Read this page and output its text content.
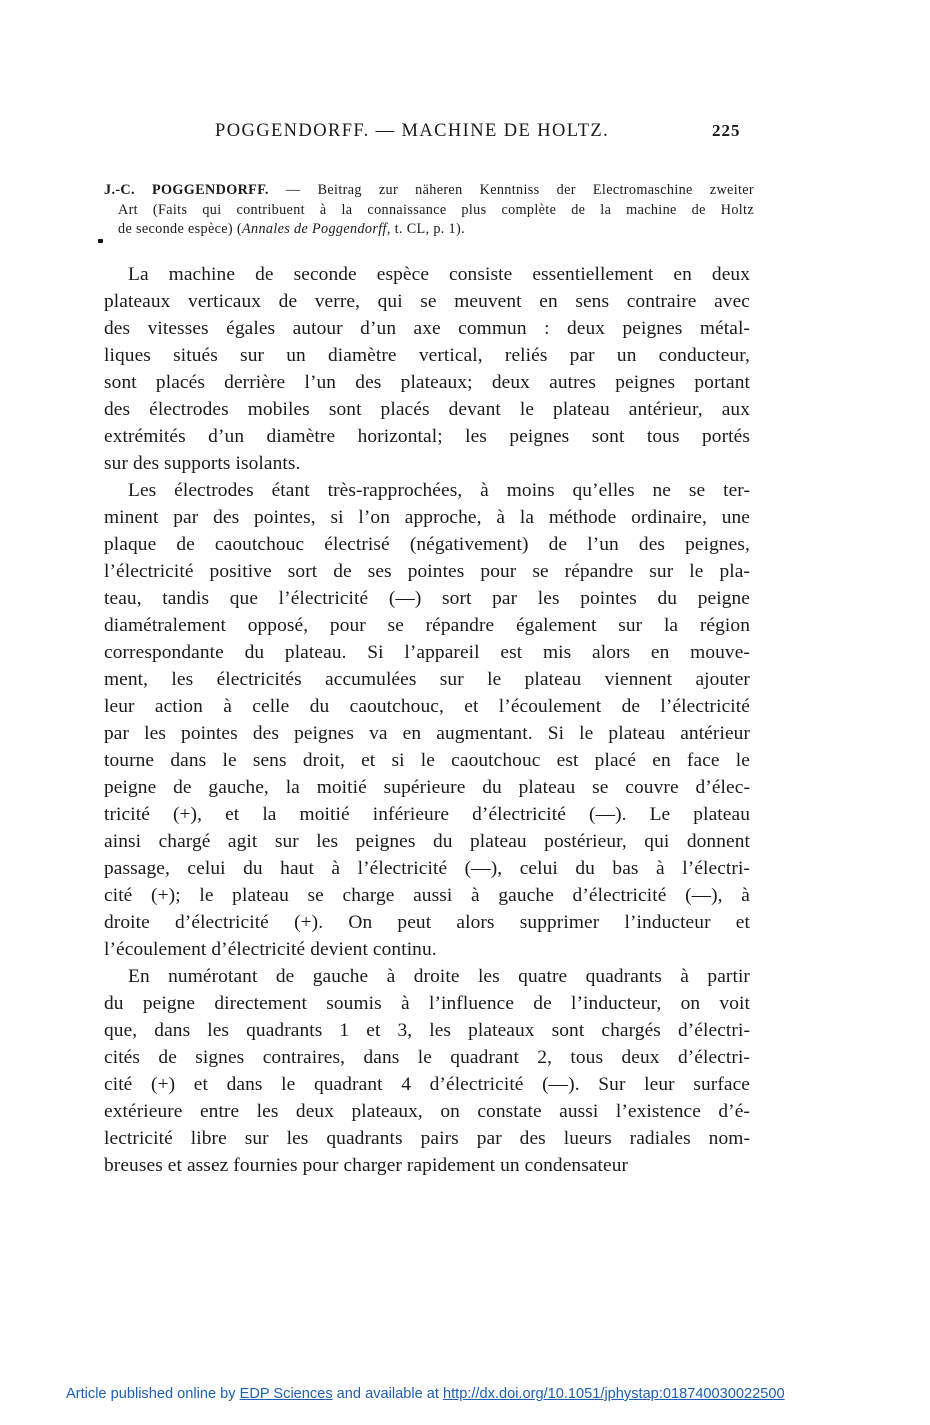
POGGENDORFF. — MACHINE DE HOLTZ.	225
J.-C. POGGENDORFF. — Beitrag zur näheren Kenntniss der Electromaschine zweiter
Art (Faits qui contribuent à la connaissance plus complète de la machine de Holtz
de seconde espèce) (Annales de Poggendorff, t. CL, p. 1).
La machine de seconde espèce consiste essentiellement en deux
plateaux verticaux de verre, qui se meuvent en sens contraire avec
des vitesses égales autour d’un axe commun : deux peignes métal-
liques situés sur un diamètre vertical, reliés par un conducteur,
sont placés derrière l’un des plateaux; deux autres peignes portant
des électrodes mobiles sont placés devant le plateau antérieur, aux
extrémités d’un diamètre horizontal; les peignes sont tous portés
sur des supports isolants.
Les électrodes étant très-rapprochées, à moins qu’elles ne se ter-
minent par des pointes, si l’on approche, à la méthode ordinaire, une
plaque de caoutchouc électrisé (négativement) de l’un des peignes,
l’électricité positive sort de ses pointes pour se répandre sur le pla-
teau, tandis que l’électricité (—) sort par les pointes du peigne
diamétralement opposé, pour se répandre également sur la région
correspondante du plateau. Si l’appareil est mis alors en mouve-
ment, les électricités accumulées sur le plateau viennent ajouter
leur action à celle du caoutchouc, et l’écoulement de l’électricité
par les pointes des peignes va en augmentant. Si le plateau antérieur
tourne dans le sens droit, et si le caoutchouc est placé en face le
peigne de gauche, la moitié supérieure du plateau se couvre d’élec-
tricité (+), et la moitié inférieure d’électricité (—). Le plateau
ainsi chargé agit sur les peignes du plateau postérieur, qui donnent
passage, celui du haut à l’électricité (—), celui du bas à l’électri-
cité (+); le plateau se charge aussi à gauche d’électricité (—), à
droite d’électricité (+). On peut alors supprimer l’inducteur et
l’écoulement d’électricité devient continu.
En numérotant de gauche à droite les quatre quadrants à partir
du peigne directement soumis à l’influence de l’inducteur, on voit
que, dans les quadrants 1 et 3, les plateaux sont chargés d’électri-
cités de signes contraires, dans le quadrant 2, tous deux d’électri-
cité (+) et dans le quadrant 4 d’électricité (—). Sur leur surface
extérieure entre les deux plateaux, on constate aussi l’existence d’é-
lectricité libre sur les quadrants pairs par des lueurs radiales nom-
breuses et assez fournies pour charger rapidement un condensateur
Article published online by EDP Sciences and available at http://dx.doi.org/10.1051/jphystap:018740030022500
